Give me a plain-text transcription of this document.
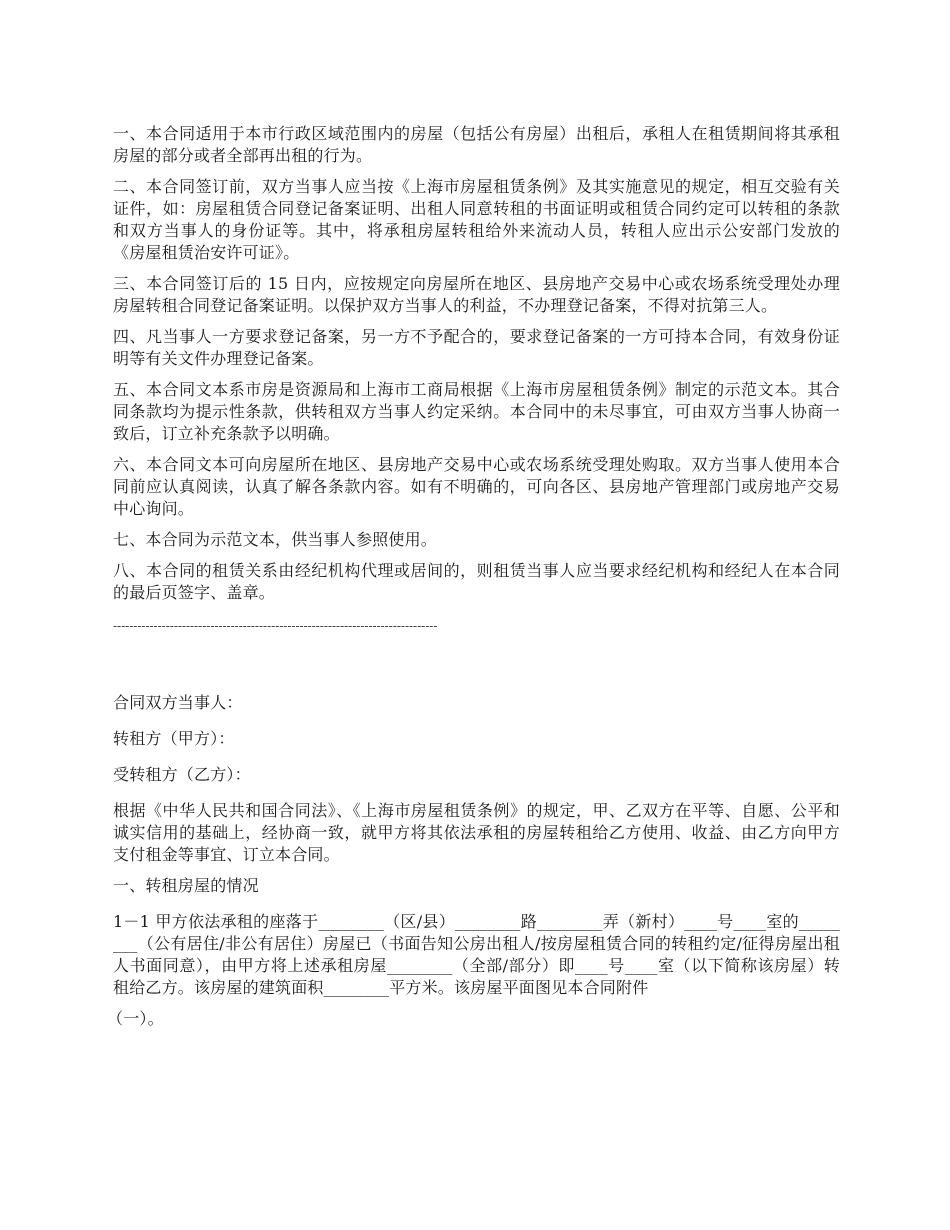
一、本合同适用于本市行政区域范围内的房屋（包括公有房屋）出租后，承租人在租赁期间将其承租房屋的部分或者全部再出租的行为。

二、本合同签订前，双方当事人应当按《上海市房屋租赁条例》及其实施意见的规定，相互交验有关证件，如：房屋租赁合同登记备案证明、出租人同意转租的书面证明或租赁合同约定可以转租的条款和双方当事人的身份证等。其中，将承租房屋转租给外来流动人员，转租人应出示公安部门发放的《房屋租赁治安许可证》。

三、本合同签订后的 15 日内，应按规定向房屋所在地区、县房地产交易中心或农场系统受理处办理房屋转租合同登记备案证明。以保护双方当事人的利益，不办理登记备案，不得对抗第三人。

四、凡当事人一方要求登记备案，另一方不予配合的，要求登记备案的一方可持本合同，有效身份证明等有关文件办理登记备案。

五、本合同文本系市房是资源局和上海市工商局根据《上海市房屋租赁条例》制定的示范文本。其合同条款均为提示性条款，供转租双方当事人约定采纳。本合同中的未尽事宜，可由双方当事人协商一致后，订立补充条款予以明确。

六、本合同文本可向房屋所在地区、县房地产交易中心或农场系统受理处购取。双方当事人使用本合同前应认真阅读，认真了解各条款内容。如有不明确的，可向各区、县房地产管理部门或房地产交易中心询问。

七、本合同为示范文本，供当事人参照使用。

八、本合同的租赁关系由经纪机构代理或居间的，则租赁当事人应当要求经纪机构和经纪人在本合同的最后页签字、盖章。

--------------------------------------------------------------------------------

合同双方当事人：

转租方（甲方）：

受转租方（乙方）：

根据《中华人民共和国合同法》、《上海市房屋租赁条例》的规定，甲、乙双方在平等、自愿、公平和诚实信用的基础上，经协商一致，就甲方将其依法承租的房屋转租给乙方使用、收益、由乙方向甲方支付租金等事宜、订立本合同。

一、转租房屋的情况

1－1 甲方依法承租的座落于________（区/县）________路________弄（新村）____号____室的________（公有居住/非公有居住）房屋已（书面告知公房出租人/按房屋租赁合同的转租约定/征得房屋出租人书面同意），由甲方将上述承租房屋________（全部/部分）即____号____室（以下简称该房屋）转租给乙方。该房屋的建筑面积________平方米。该房屋平面图见本合同附件

（一）。
